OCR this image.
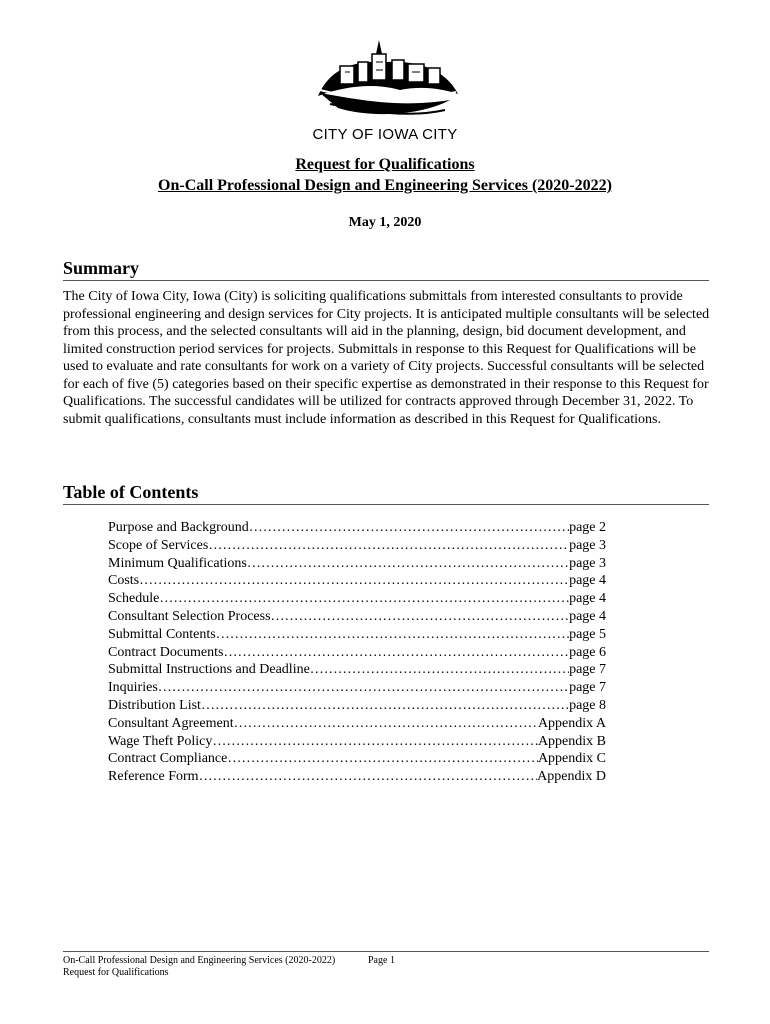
CITY OF IOWA CITY
Request for Qualifications
On-Call Professional Design and Engineering Services (2020-2022)
May 1, 2020
Summary
The City of Iowa City, Iowa (City) is soliciting qualifications submittals from interested consultants to provide professional engineering and design services for City projects. It is anticipated multiple consultants will be selected from this process, and the selected consultants will aid in the planning, design, bid document development, and limited construction period services for projects. Submittals in response to this Request for Qualifications will be used to evaluate and rate consultants for work on a variety of City projects. Successful consultants will be selected for each of five (5) categories based on their specific expertise as demonstrated in their response to this Request for Qualifications. The successful candidates will be utilized for contracts approved through December 31, 2022. To submit qualifications, consultants must include information as described in this Request for Qualifications.
Table of Contents
Purpose and Background ……………………………………………………………………………………………………………………………………	page 2
Scope of Services ……………………………………………………………………………………………………………………………………	page 3
Minimum Qualifications ……………………………………………………………………………………………………………………………………	page 3
Costs ……………………………………………………………………………………………………………………………………	page 4
Schedule ……………………………………………………………………………………………………………………………………	page 4
Consultant Selection Process ……………………………………………………………………………………………………………………………………	page 4
Submittal Contents ……………………………………………………………………………………………………………………………………	page 5
Contract Documents ……………………………………………………………………………………………………………………………………	page 6
Submittal Instructions and Deadline ……………………………………………………………………………………………………………………………………	page 7
Inquiries ……………………………………………………………………………………………………………………………………	page 7
Distribution List ……………………………………………………………………………………………………………………………………	page 8
Consultant Agreement ……………………………………………………………………………………………………………………………………	Appendix A
Wage Theft Policy ……………………………………………………………………………………………………………………………………	Appendix B
Contract Compliance ……………………………………………………………………………………………………………………………………	Appendix C
Reference Form ……………………………………………………………………………………………………………………………………	Appendix D
On-Call Professional Design and Engineering Services (2020-2022)
Request for Qualifications
Page 1
